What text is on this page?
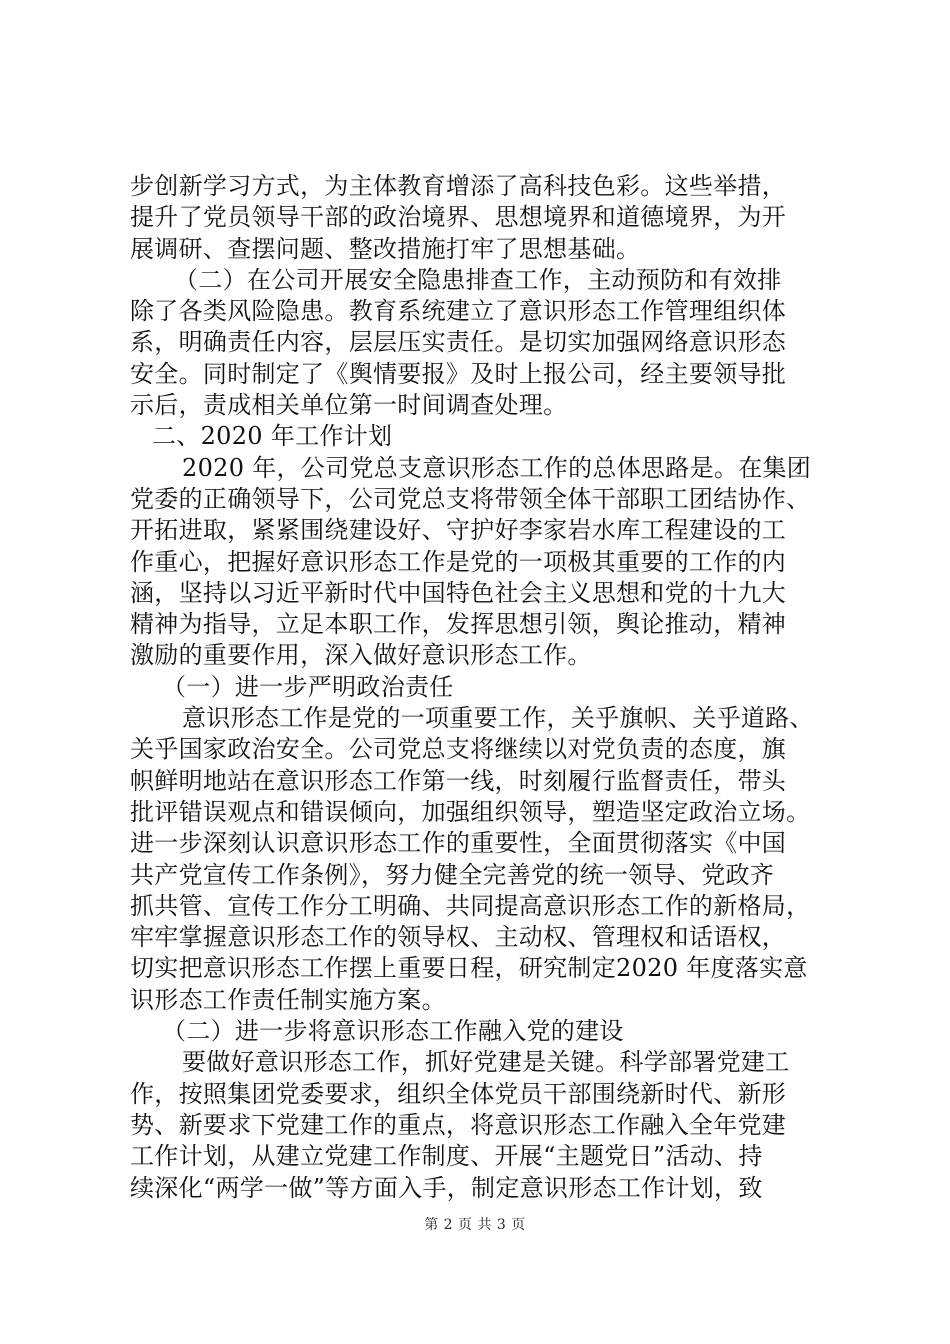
步创新学习方式，为主体教育增添了高科技色彩。这些举措，
提升了党员领导干部的政治境界、思想境界和道德境界，为开
展调研、查摆问题、整改措施打牢了思想基础。
（二）在公司开展安全隐患排查工作，主动预防和有效排
除了各类风险隐患。教育系统建立了意识形态工作管理组织体
系，明确责任内容，层层压实责任。是切实加强网络意识形态
安全。同时制定了《舆情要报》及时上报公司，经主要领导批
示后，责成相关单位第一时间调查处理。
二、2020 年工作计划
2020 年，公司党总支意识形态工作的总体思路是。在集团
党委的正确领导下，公司党总支将带领全体干部职工团结协作、
开拓进取，紧紧围绕建设好、守护好李家岩水库工程建设的工
作重心，把握好意识形态工作是党的一项极其重要的工作的内
涵，坚持以习近平新时代中国特色社会主义思想和党的十九大
精神为指导，立足本职工作，发挥思想引领，舆论推动，精神
激励的重要作用，深入做好意识形态工作。
（一）进一步严明政治责任
意识形态工作是党的一项重要工作，关乎旗帜、关乎道路、
关乎国家政治安全。公司党总支将继续以对党负责的态度，旗
帜鲜明地站在意识形态工作第一线，时刻履行监督责任，带头
批评错误观点和错误倾向，加强组织领导，塑造坚定政治立场。
进一步深刻认识意识形态工作的重要性，全面贯彻落实《中国
共产党宣传工作条例》，努力健全完善党的统一领导、党政齐
抓共管、宣传工作分工明确、共同提高意识形态工作的新格局，
牢牢掌握意识形态工作的领导权、主动权、管理权和话语权，
切实把意识形态工作摆上重要日程，研究制定2020 年度落实意
识形态工作责任制实施方案。
（二）进一步将意识形态工作融入党的建设
要做好意识形态工作，抓好党建是关键。科学部署党建工
作，按照集团党委要求，组织全体党员干部围绕新时代、新形
势、新要求下党建工作的重点，将意识形态工作融入全年党建
工作计划，从建立党建工作制度、开展“主题党日”活动、持
续深化“两学一做”等方面入手，制定意识形态工作计划，致
第 2 页 共 3 页
